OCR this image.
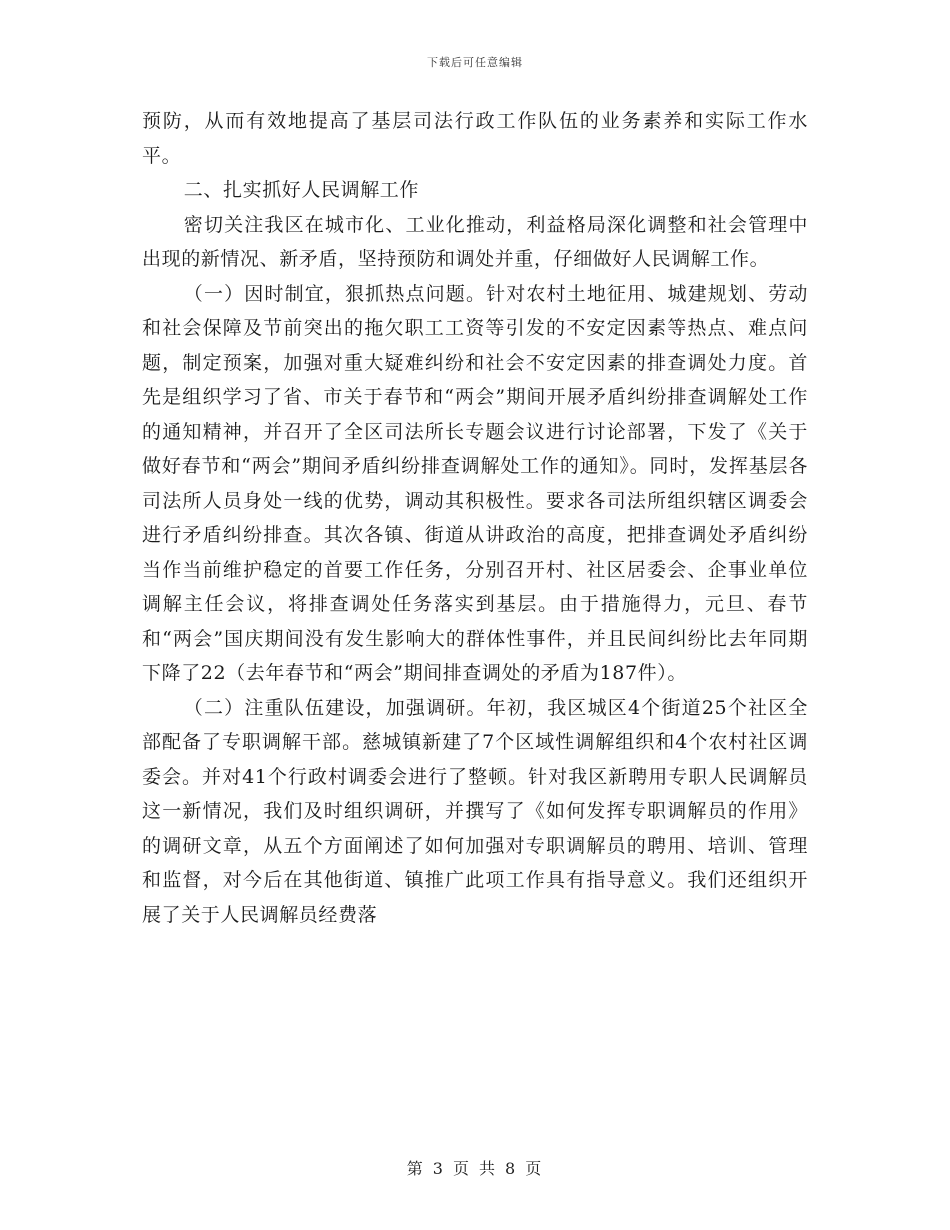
下载后可任意编辑

预防，从而有效地提高了基层司法行政工作队伍的业务素养和实际工作水平。

二、扎实抓好人民调解工作

密切关注我区在城市化、工业化推动，利益格局深化调整和社会管理中出现的新情况、新矛盾，坚持预防和调处并重，仔细做好人民调解工作。

（一）因时制宜，狠抓热点问题。针对农村土地征用、城建规划、劳动和社会保障及节前突出的拖欠职工工资等引发的不安定因素等热点、难点问题，制定预案，加强对重大疑难纠纷和社会不安定因素的排查调处力度。首先是组织学习了省、市关于春节和“两会”期间开展矛盾纠纷排查调解处工作的通知精神，并召开了全区司法所长专题会议进行讨论部署，下发了《关于做好春节和“两会”期间矛盾纠纷排查调解处工作的通知》。同时，发挥基层各司法所人员身处一线的优势，调动其积极性。要求各司法所组织辖区调委会进行矛盾纠纷排查。其次各镇、街道从讲政治的高度，把排查调处矛盾纠纷当作当前维护稳定的首要工作任务，分别召开村、社区居委会、企事业单位调解主任会议，将排查调处任务落实到基层。由于措施得力，元旦、春节和“两会”国庆期间没有发生影响大的群体性事件，并且民间纠纷比去年同期下降了22（去年春节和“两会”期间排查调处的矛盾为187件）。

（二）注重队伍建设，加强调研。年初，我区城区4个街道25个社区全部配备了专职调解干部。慈城镇新建了7个区域性调解组织和4个农村社区调委会。并对41个行政村调委会进行了整顿。针对我区新聘用专职人民调解员这一新情况，我们及时组织调研，并撰写了《如何发挥专职调解员的作用》的调研文章，从五个方面阐述了如何加强对专职调解员的聘用、培训、管理和监督，对今后在其他街道、镇推广此项工作具有指导意义。我们还组织开展了关于人民调解员经费落

第 3 页 共 8 页
